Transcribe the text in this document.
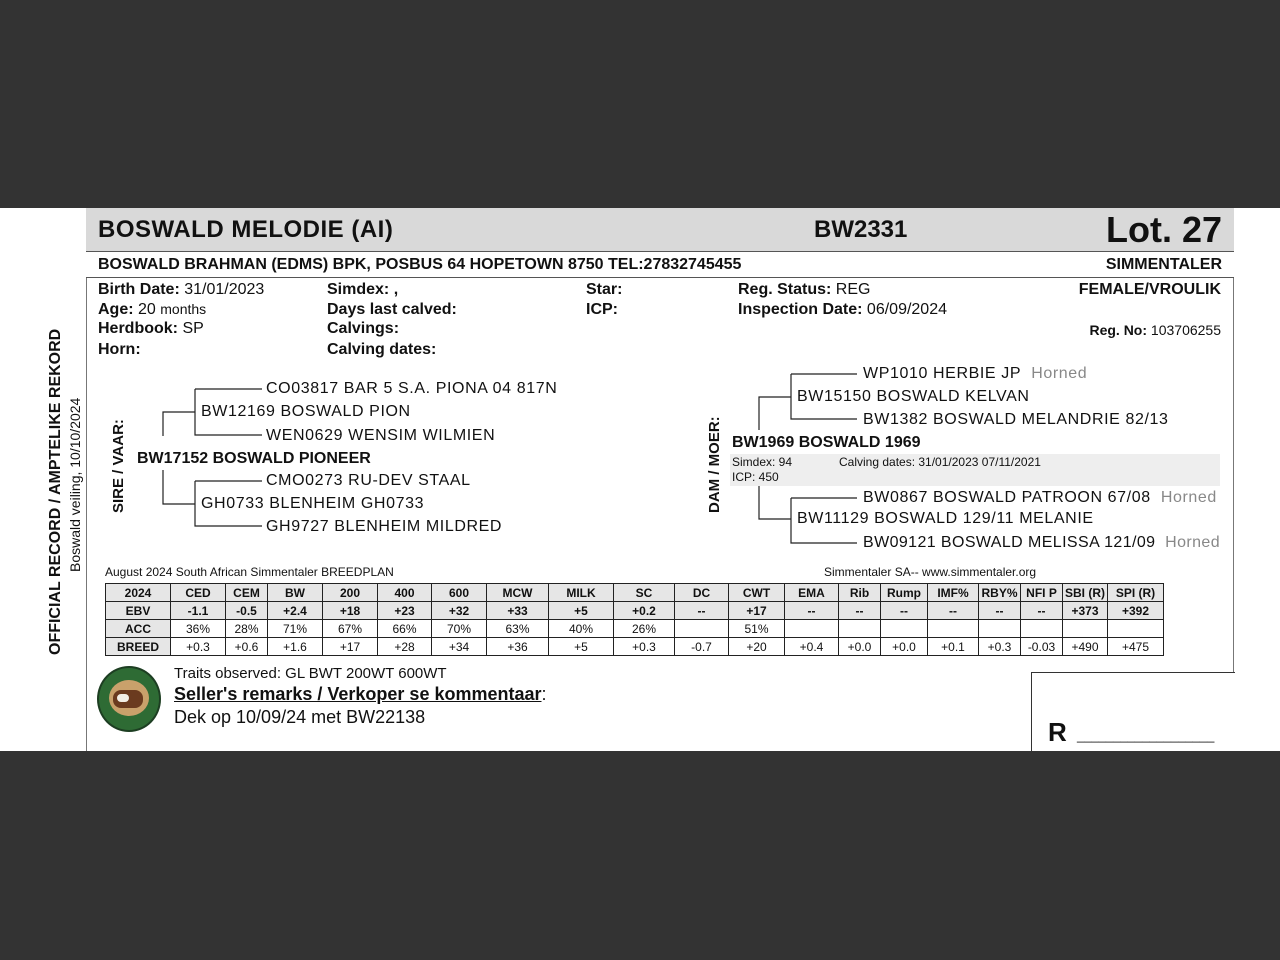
BOSWALD MELODIE (AI)	BW2331	Lot. 27
BOSWALD BRAHMAN (EDMS) BPK, POSBUS 64 HOPETOWN 8750 TEL:27832745455	SIMMENTALER
OFFICIAL RECORD / AMPTELIKE REKORD Boswald veiling, 10/10/2024
Birth Date: 31/01/2023
Age: 20 months
Herdbook: SP
Horn:
Simdex: ,
Days last calved:
Calvings:
Calving dates:
Star:
ICP:
Reg. Status: REG
Inspection Date: 06/09/2024
FEMALE/VROULIK
Reg. No: 103706255
SIRE / VAAR: BW17152 BOSWALD PIONEER
BW12169 BOSWALD PION
CO03817 BAR 5 S.A. PIONA 04 817N
WEN0629 WENSIM WILMIEN
GH0733 BLENHEIM GH0733
CMO0273 RU-DEV STAAL
GH9727 BLENHEIM MILDRED
DAM / MOER: BW1969 BOSWALD 1969
Simdex: 94
ICP: 450
Calving dates: 31/01/2023 07/11/2021
BW15150 BOSWALD KELVAN
WP1010 HERBIE JP Horned
BW1382 BOSWALD MELANDRIE 82/13
BW11129 BOSWALD 129/11 MELANIE
BW0867 BOSWALD PATROON 67/08 Horned
BW09121 BOSWALD MELISSA 121/09 Horned
August 2024 South African Simmentaler BREEDPLAN	Simmentaler SA-- www.simmentaler.org
2024	CED	CEM	BW	200	400	600	MCW	MILK	SC	DC	CWT	EMA	Rib	Rump	IMF%	RBY%	NFI P	SBI (R)	SPI (R)
EBV	-1.1	-0.5	+2.4	+18	+23	+32	+33	+5	+0.2	--	+17	--	--	--	--	--	--	+373	+392
ACC	36%	28%	71%	67%	66%	70%	63%	40%	26%		51%								
BREED	+0.3	+0.6	+1.6	+17	+28	+34	+36	+5	+0.3	-0.7	+20	+0.4	+0.0	+0.0	+0.1	+0.3	-0.03	+490	+475
Traits observed: GL BWT 200WT 600WT
Seller's remarks / Verkoper se kommentaar:
Dek op 10/09/24 met BW22138	R ___________________
